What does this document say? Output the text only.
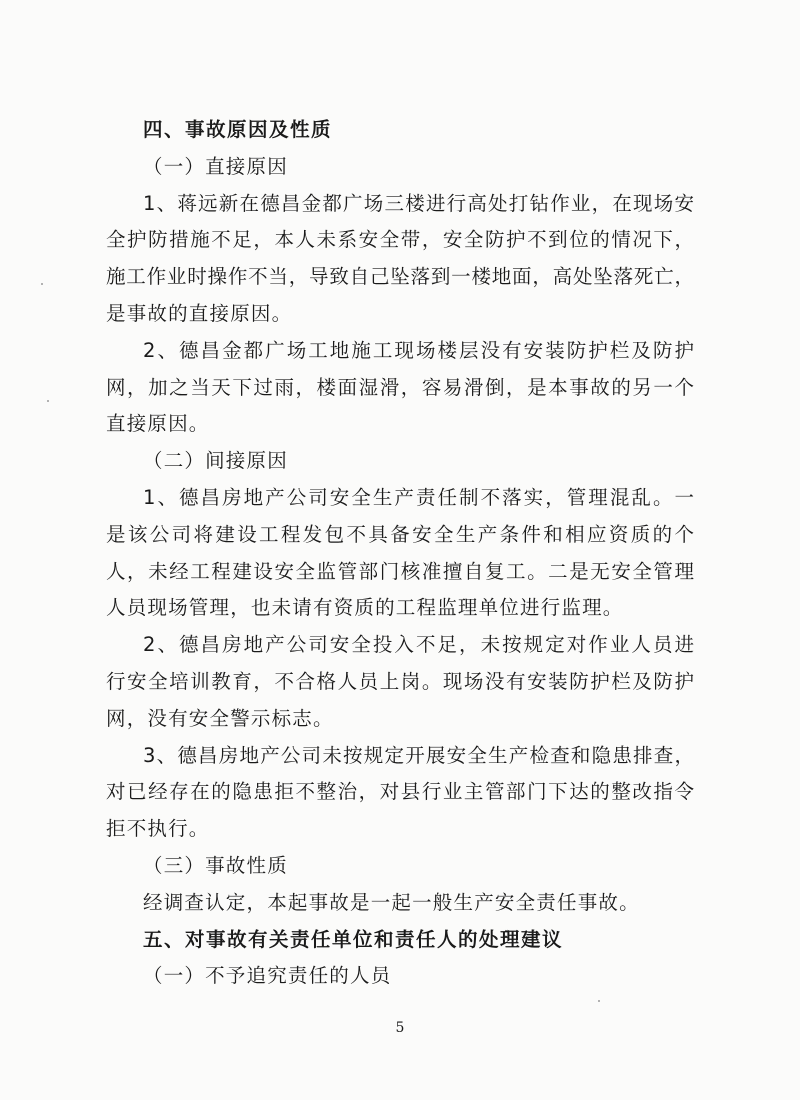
四、事故原因及性质
（一）直接原因
1、蒋远新在德昌金都广场三楼进行高处打钻作业，在现场安
全护防措施不足，本人未系安全带，安全防护不到位的情况下，
施工作业时操作不当，导致自己坠落到一楼地面，高处坠落死亡，
是事故的直接原因。
2、德昌金都广场工地施工现场楼层没有安装防护栏及防护
网，加之当天下过雨，楼面湿滑，容易滑倒，是本事故的另一个
直接原因。
（二）间接原因
1、德昌房地产公司安全生产责任制不落实，管理混乱。一
是该公司将建设工程发包不具备安全生产条件和相应资质的个
人，未经工程建设安全监管部门核准擅自复工。二是无安全管理
人员现场管理，也未请有资质的工程监理单位进行监理。
2、德昌房地产公司安全投入不足，未按规定对作业人员进
行安全培训教育，不合格人员上岗。现场没有安装防护栏及防护
网，没有安全警示标志。
3、德昌房地产公司未按规定开展安全生产检查和隐患排查，
对已经存在的隐患拒不整治，对县行业主管部门下达的整改指令
拒不执行。
（三）事故性质
经调查认定，本起事故是一起一般生产安全责任事故。
五、对事故有关责任单位和责任人的处理建议
（一）不予追究责任的人员
5
